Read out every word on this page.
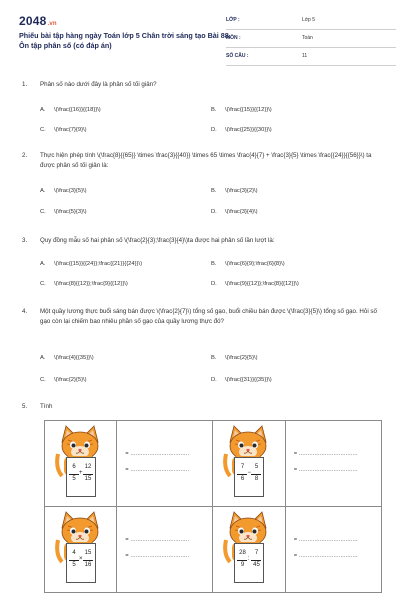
2048.vn
Phiếu bài tập hàng ngày Toán lớp 5 Chân trời sáng tạo Bài 88. Ôn tập phân số (có đáp án)
LỚP :	Lớp 5
MÔN :	Toán
SỐ CÂU :	11
1. Phân số nào dưới đây là phân số tối giản?
A. \(\frac{{16}}{{18}}\)	B. \(\frac{{15}}{{12}}\)
C. \(\frac{7}{9}\)	D. \(\frac{{25}}{{30}}\)
2. Thực hiện phép tính \(\frac{8}{{65}} \times \frac{3}{{40}} \times 65 \times \frac{4}{7} + \frac{3}{5} \times \frac{{24}}{{56}}\) ta được phân số tối giản là:
A. \(\frac{3}{5}\)	B. \(\frac{3}{2}\)
C. \(\frac{5}{3}\)	D. \(\frac{3}{4}\)
3. Quy đồng mẫu số hai phân số \(\frac{2}{3};\frac{3}{4}\)ta được hai phân số lần lượt là:
A. \(\frac{{15}}{{24}};\frac{{21}}{{24}}\)	B. \(\frac{6}{9};\frac{6}{8}\)
C. \(\frac{8}{{12}};\frac{9}{{12}}\)	D. \(\frac{9}{{12}};\frac{8}{{12}}\)
4. Một quầy lương thực buổi sáng bán được \(\frac{2}{7}\) tổng số gạo, buổi chiều bán được \(\frac{3}{5}\) tổng số gạo. Hỏi số gạo còn lại chiếm bao nhiêu phần số gạo của quầy lương thực đó?
A. \(\frac{4}{{35}}\)	B. \(\frac{2}{5}\)
C. \(\frac{2}{5}\)	D. \(\frac{{31}}{{35}}\)
5. Tính
6
5
+
12
15	= ..................................
= ..................................	7
6
−
5
8	= ..................................
= ..................................

4
5
×
15
16	= ..................................
= ..................................	28
9
:
7
45	= ..................................
= ..................................
